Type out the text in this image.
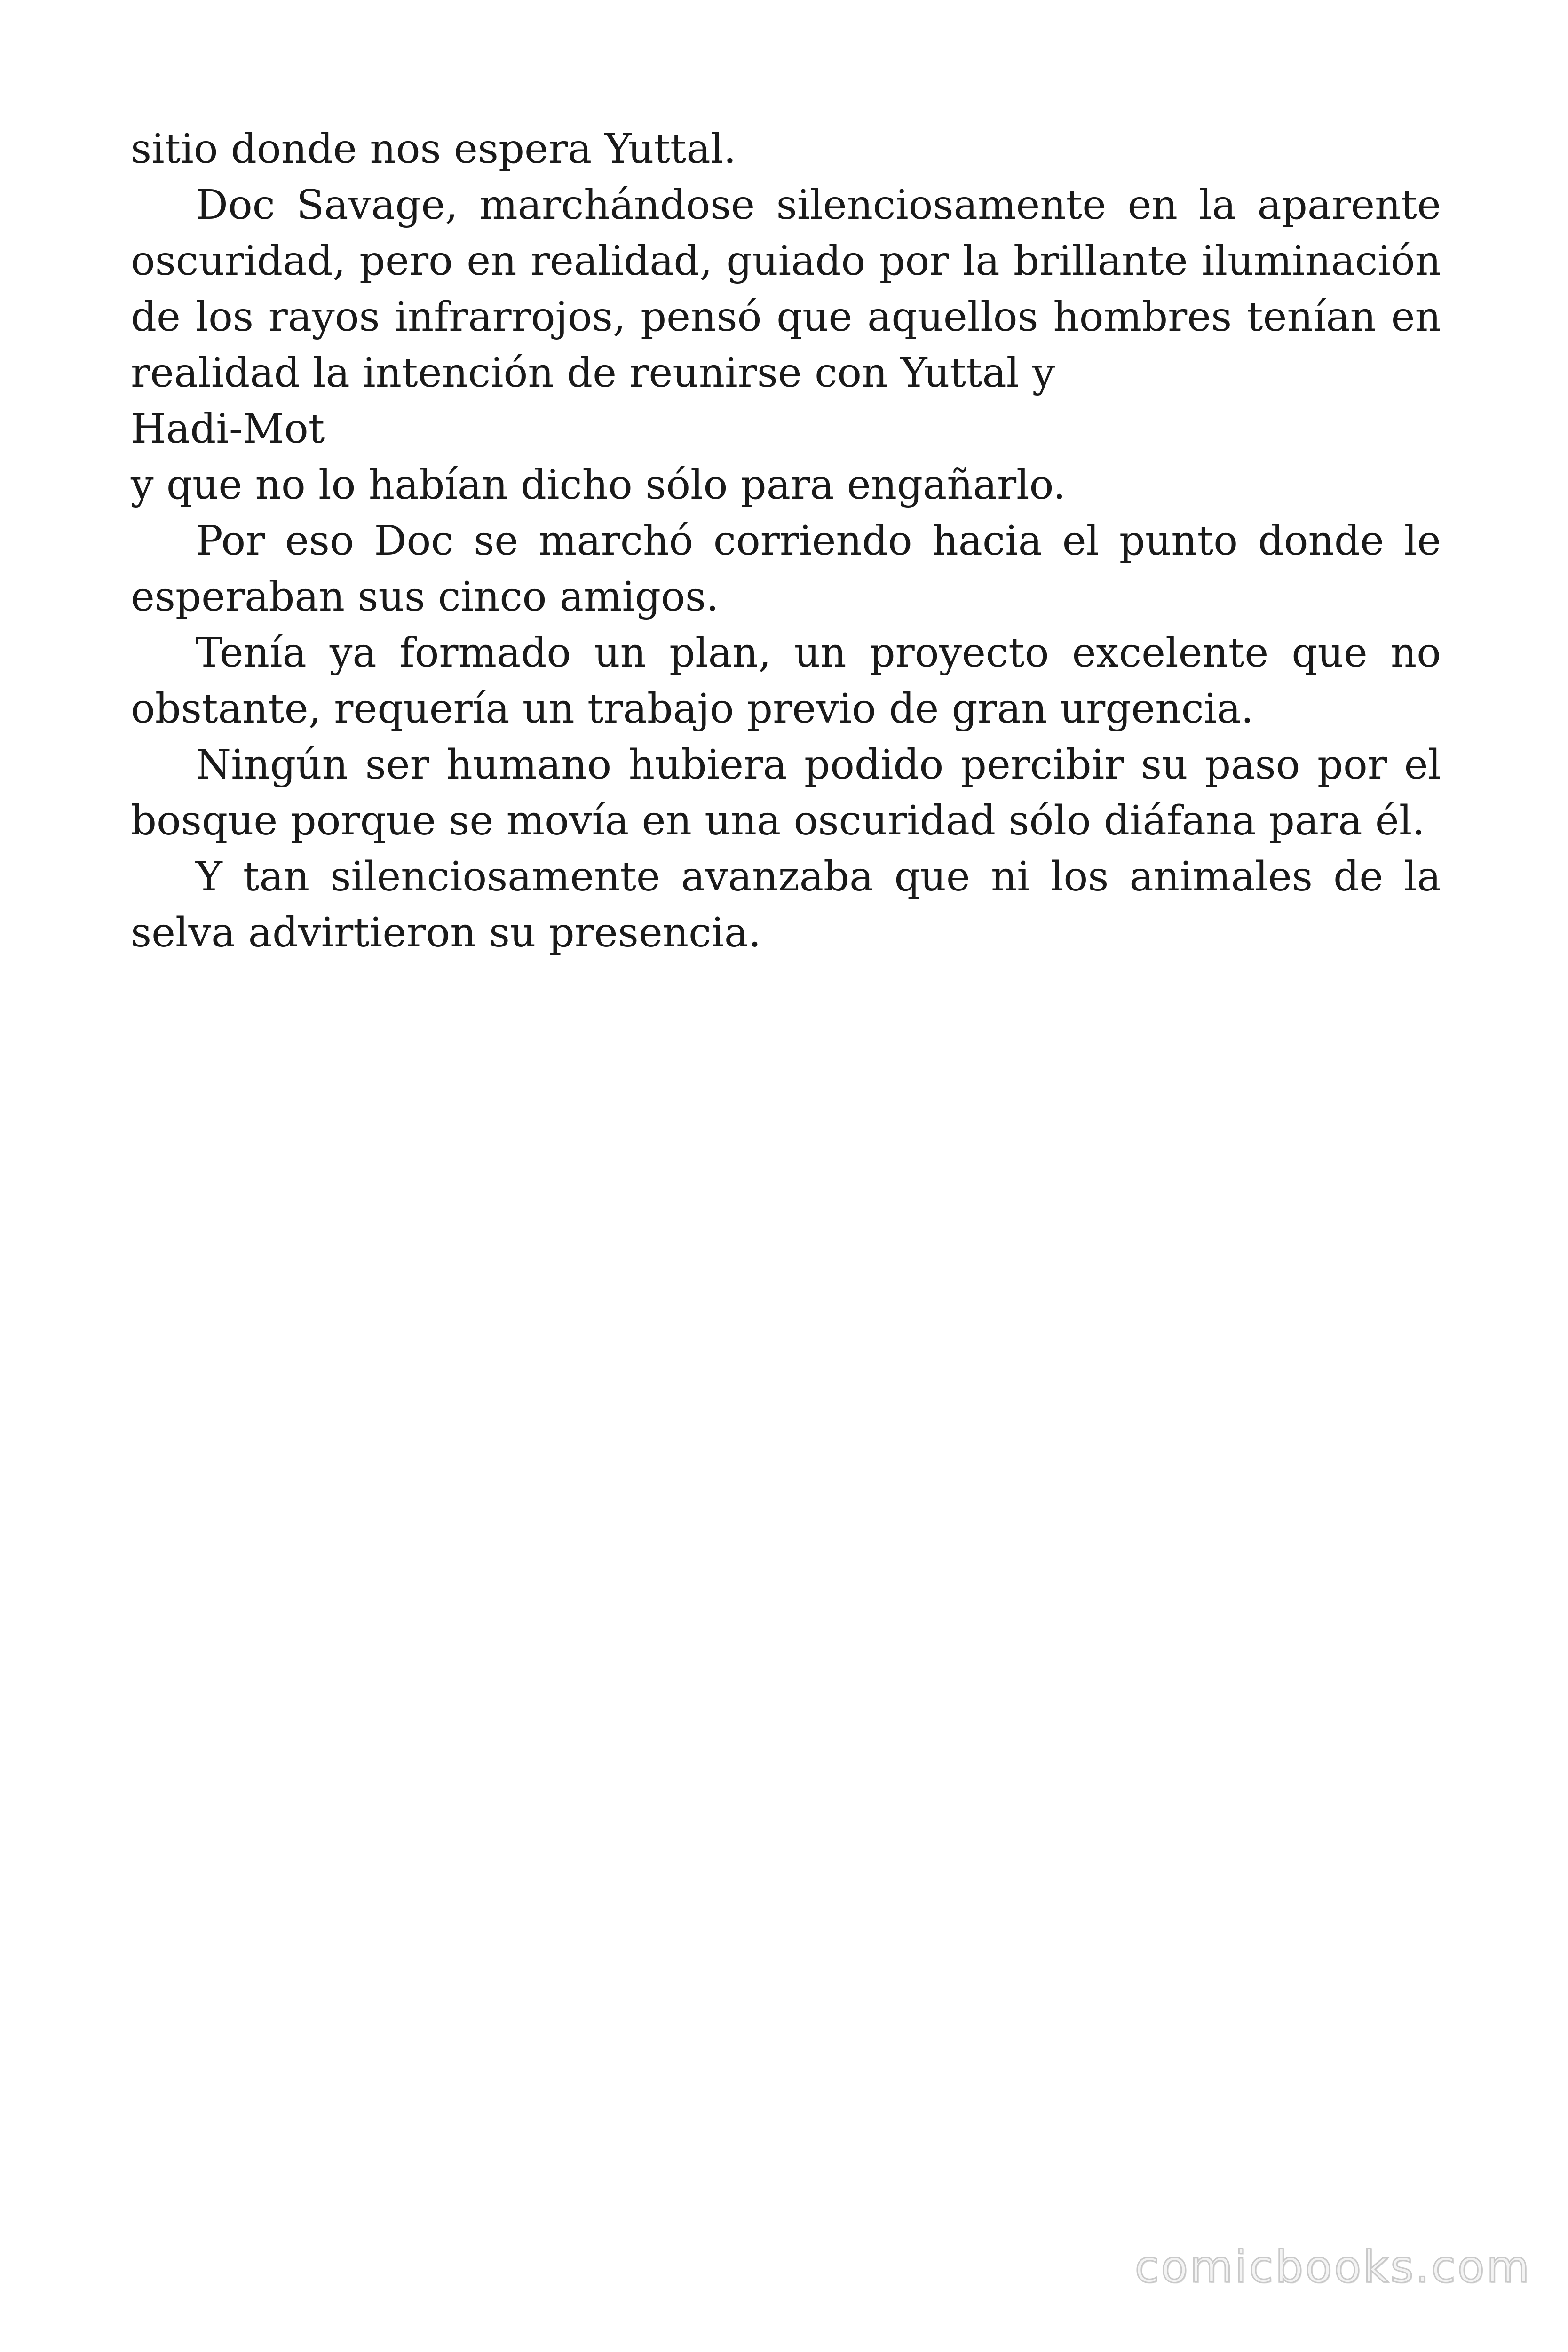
sitio donde nos espera Yuttal.

Doc Savage, marchándose silenciosamente en la aparente oscuridad, pero en realidad, guiado por la brillante iluminación de los rayos infrarrojos, pensó que aquellos hombres tenían en realidad la intención de reunirse con Yuttal y

Hadi-Mot

y que no lo habían dicho sólo para engañarlo.

Por eso Doc se marchó corriendo hacia el punto donde le esperaban sus cinco amigos.

Tenía ya formado un plan, un proyecto excelente que no obstante, requería un trabajo previo de gran urgencia.

Ningún ser humano hubiera podido percibir su paso por el bosque porque se movía en una oscuridad sólo diáfana para él.

Y tan silenciosamente avanzaba que ni los animales de la selva advirtieron su presencia.

comicbooks.com
